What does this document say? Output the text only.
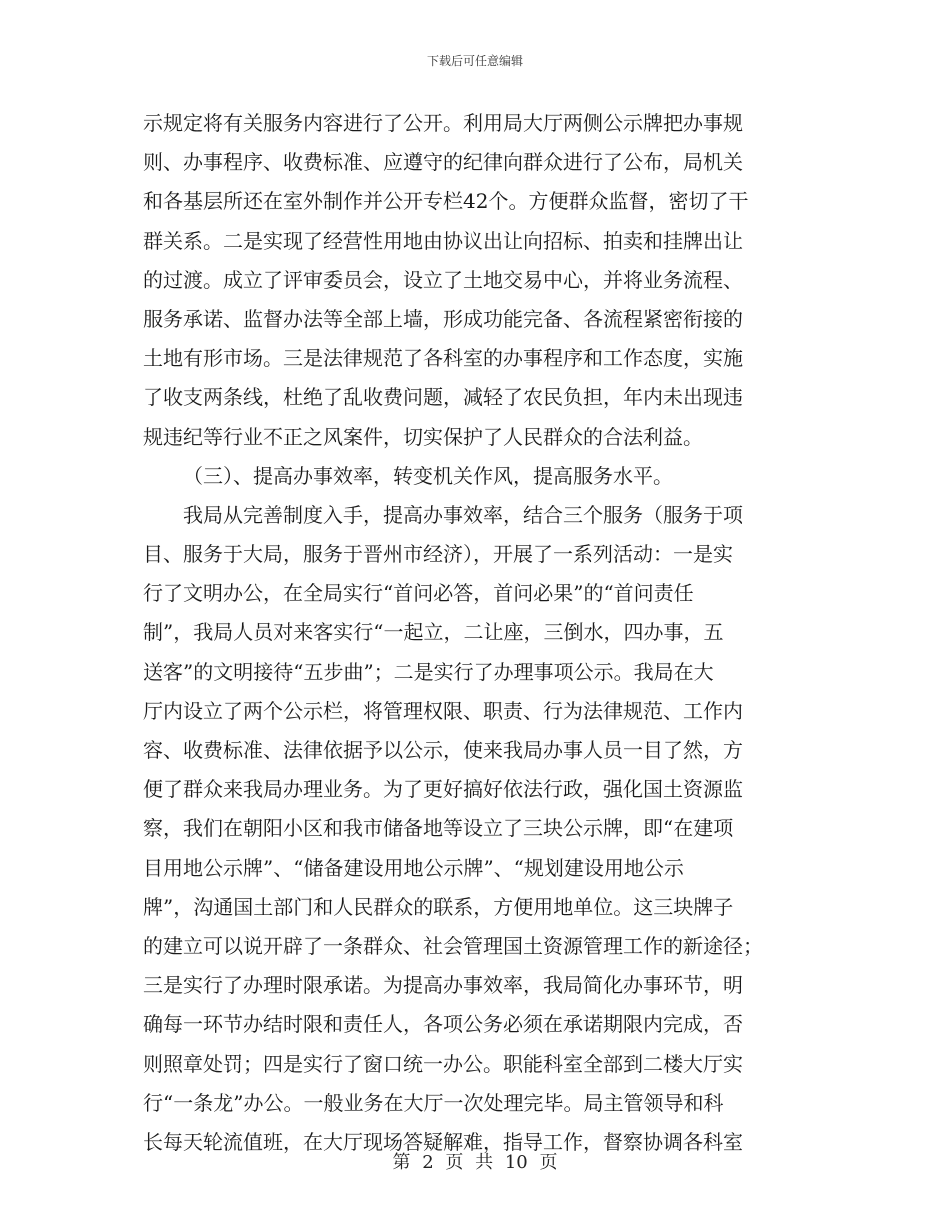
下载后可任意编辑
示规定将有关服务内容进行了公开。利用局大厅两侧公示牌把办事规
则、办事程序、收费标准、应遵守的纪律向群众进行了公布，局机关
和各基层所还在室外制作并公开专栏42个。方便群众监督，密切了干
群关系。二是实现了经营性用地由协议出让向招标、拍卖和挂牌出让
的过渡。成立了评审委员会，设立了土地交易中心，并将业务流程、
服务承诺、监督办法等全部上墙，形成功能完备、各流程紧密衔接的
土地有形市场。三是法律规范了各科室的办事程序和工作态度，实施
了收支两条线，杜绝了乱收费问题，减轻了农民负担，年内未出现违
规违纪等行业不正之风案件，切实保护了人民群众的合法利益。
（三）、提高办事效率，转变机关作风，提高服务水平。
我局从完善制度入手，提高办事效率，结合三个服务（服务于项
目、服务于大局，服务于晋州市经济），开展了一系列活动：一是实
行了文明办公，在全局实行“首问必答，首问必果”的“首问责任
制”，我局人员对来客实行“一起立，二让座，三倒水，四办事，五
送客”的文明接待“五步曲”；二是实行了办理事项公示。我局在大
厅内设立了两个公示栏，将管理权限、职责、行为法律规范、工作内
容、收费标准、法律依据予以公示，使来我局办事人员一目了然，方
便了群众来我局办理业务。为了更好搞好依法行政，强化国土资源监
察，我们在朝阳小区和我市储备地等设立了三块公示牌，即“在建项
目用地公示牌”、“储备建设用地公示牌”、“规划建设用地公示
牌”，沟通国土部门和人民群众的联系，方便用地单位。这三块牌子
的建立可以说开辟了一条群众、社会管理国土资源管理工作的新途径；
三是实行了办理时限承诺。为提高办事效率，我局简化办事环节，明
确每一环节办结时限和责任人，各项公务必须在承诺期限内完成，否
则照章处罚；四是实行了窗口统一办公。职能科室全部到二楼大厅实
行“一条龙”办公。一般业务在大厅一次处理完毕。局主管领导和科
长每天轮流值班，在大厅现场答疑解难，指导工作，督察协调各科室
第 2 页 共 10 页
